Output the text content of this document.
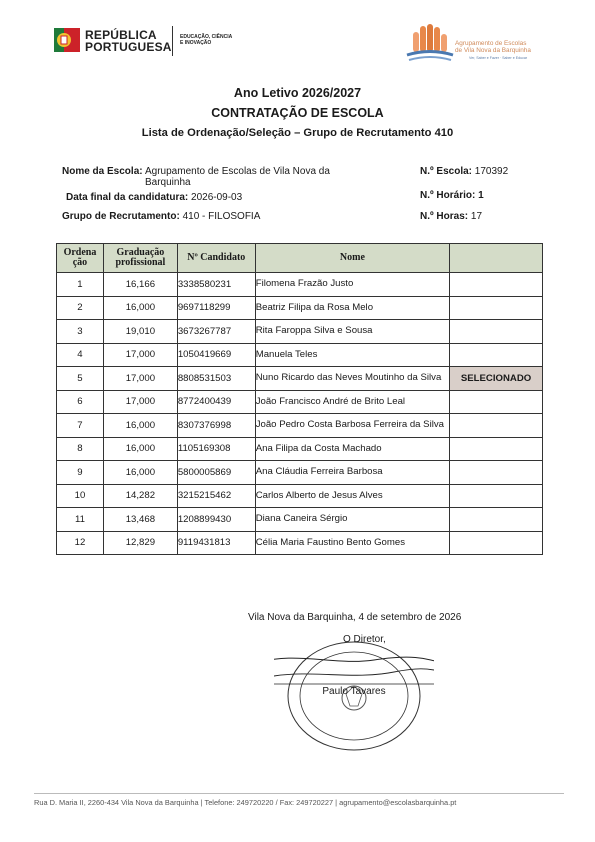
REPÚBLICA
PORTUGUESA
EDUCAÇÃO, CIÊNCIA
E INOVAÇÃO	Agrupamento de Escolas
de Vila Nova da Barquinha
Ver, Saber e Fazer · Saber e Educar
Ano Letivo 2026/2027
CONTRATAÇÃO DE ESCOLA
Lista de Ordenação/Seleção – Grupo de Recrutamento 410
Nome da Escola: Agrupamento de Escolas de Vila Nova da Barquinha
Data final da candidatura: 2026-09-03
Grupo de Recrutamento: 410 - FILOSOFIA
N.º Escola: 170392
N.º Horário: 1
N.º Horas: 17
Ordena ção	Graduação profissional	Nº Candidato	Nome	
1	16,166	3338580231	Filomena Frazão Justo	
2	16,000	9697118299	Beatriz Filipa da Rosa Melo	
3	19,010	3673267787	Rita Faroppa Silva e Sousa	
4	17,000	1050419669	Manuela Teles	
5	17,000	8808531503	Nuno Ricardo das Neves Moutinho da Silva	SELECIONADO
6	17,000	8772400439	João Francisco André de Brito Leal	
7	16,000	8307376998	João Pedro Costa Barbosa Ferreira da Silva	
8	16,000	1105169308	Ana Filipa da Costa Machado	
9	16,000	5800005869	Ana Cláudia Ferreira Barbosa	
10	14,282	3215215462	Carlos Alberto de Jesus Alves	
11	13,468	1208899430	Diana Caneira Sérgio	
12	12,829	9119431813	Célia Maria Faustino Bento Gomes	
Vila Nova da Barquinha, 4 de setembro de 2026
Paulo Tavares
O Diretor,
Rua D. Maria II, 2260-434 Vila Nova da Barquinha | Telefone: 249720220 / Fax: 249720227 | agrupamento@escolasbarquinha.pt
